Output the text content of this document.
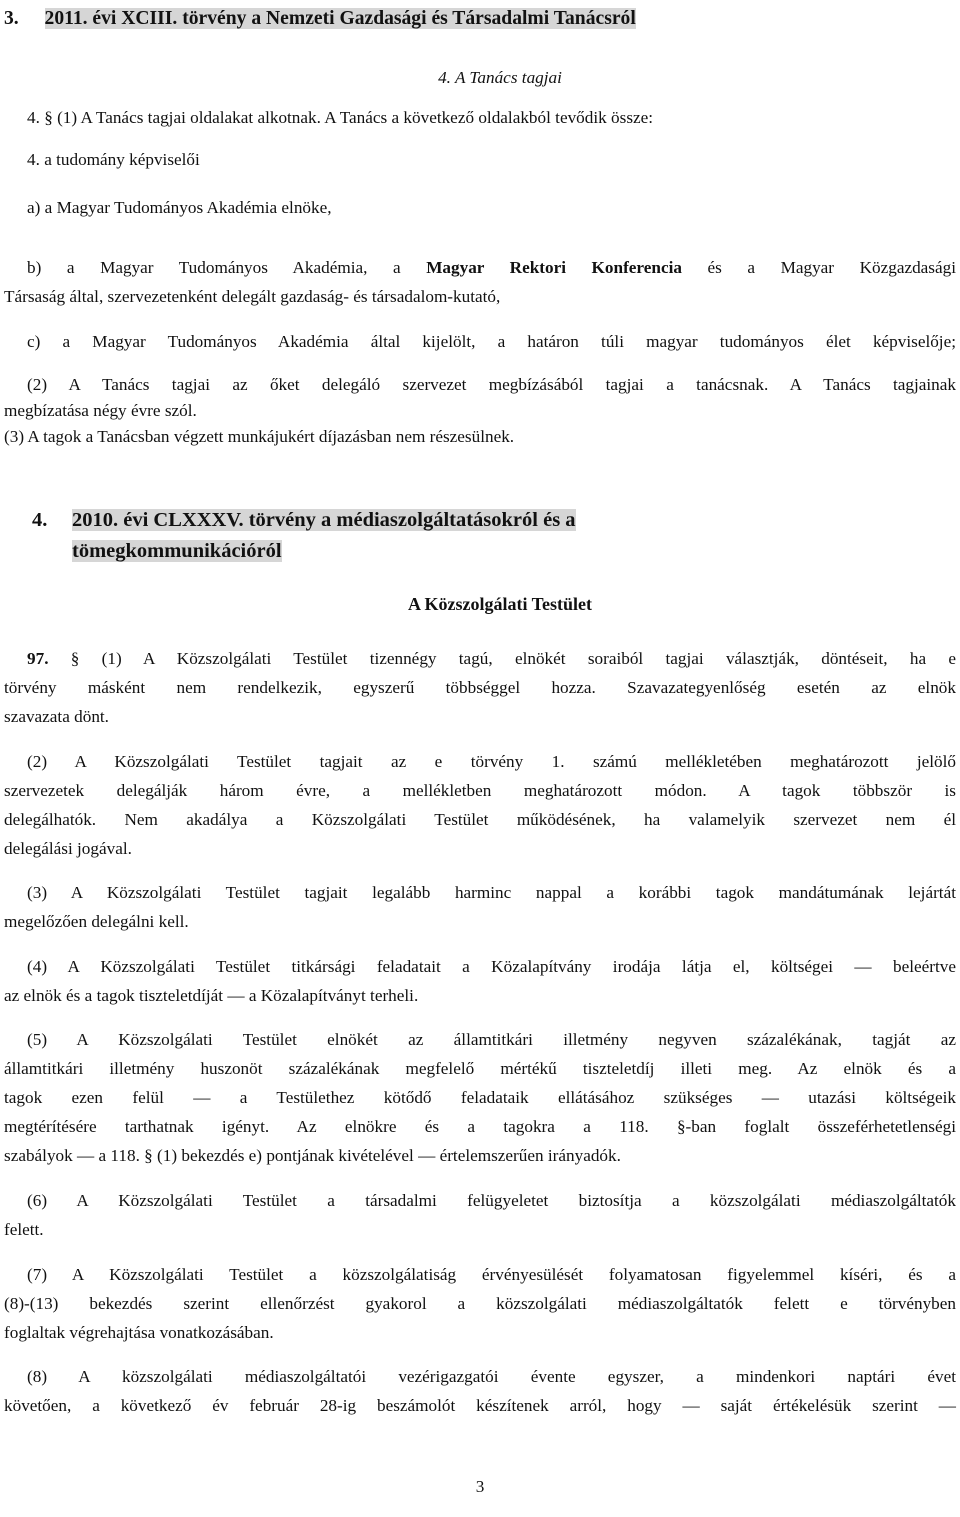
3. 2011. évi XCIII. törvény a Nemzeti Gazdasági és Társadalmi Tanácsról
4. A Tanács tagjai
4. § (1) A Tanács tagjai oldalakat alkotnak. A Tanács a következő oldalakból tevődik össze:
4. a tudomány képviselői
a) a Magyar Tudományos Akadémia elnöke,
b) a Magyar Tudományos Akadémia, a Magyar Rektori Konferencia és a Magyar Közgazdasági
Társaság által, szervezetenként delegált gazdaság- és társadalom-kutató,
c) a Magyar Tudományos Akadémia által kijelölt, a határon túli magyar tudományos élet képviselője;
(2) A Tanács tagjai az őket delegáló szervezet megbízásából tagjai a tanácsnak. A Tanács tagjainak
megbízatása négy évre szól.
(3) A tagok a Tanácsban végzett munkájukért díjazásban nem részesülnek.
4. 2010. évi CLXXXV. törvény a médiaszolgáltatásokról és a
tömegkommunikációról
A Közszolgálati Testület
97. § (1) A Közszolgálati Testület tizennégy tagú, elnökét soraiból tagjai választják, döntéseit, ha e
törvény másként nem rendelkezik, egyszerű többséggel hozza. Szavazategyenlőség esetén az elnök
szavazata dönt.
(2) A Közszolgálati Testület tagjait az e törvény 1. számú mellékletében meghatározott jelölő
szervezetek delegálják három évre, a mellékletben meghatározott módon. A tagok többször is
delegálhatók. Nem akadálya a Közszolgálati Testület működésének, ha valamelyik szervezet nem él
delegálási jogával.
(3) A Közszolgálati Testület tagjait legalább harminc nappal a korábbi tagok mandátumának lejártát
megelőzően delegálni kell.
(4) A Közszolgálati Testület titkársági feladatait a Közalapítvány irodája látja el, költségei ― beleértve
az elnök és a tagok tiszteletdíját ― a Közalapítványt terheli.
(5) A Közszolgálati Testület elnökét az államtitkári illetmény negyven százalékának, tagját az
államtitkári illetmény huszonöt százalékának megfelelő mértékű tiszteletdíj illeti meg. Az elnök és a
tagok ezen felül ― a Testülethez kötődő feladataik ellátásához szükséges ― utazási költségeik
megtérítésére tarthatnak igényt. Az elnökre és a tagokra a 118. §-ban foglalt összeférhetetlenségi
szabályok ― a 118. § (1) bekezdés e) pontjának kivételével ― értelemszerűen irányadók.
(6) A Közszolgálati Testület a társadalmi felügyeletet biztosítja a közszolgálati médiaszolgáltatók
felett.
(7) A Közszolgálati Testület a közszolgálatiság érvényesülését folyamatosan figyelemmel kíséri, és a
(8)-(13) bekezdés szerint ellenőrzést gyakorol a közszolgálati médiaszolgáltatók felett e törvényben
foglaltak végrehajtása vonatkozásában.
(8) A közszolgálati médiaszolgáltatói vezérigazgatói évente egyszer, a mindenkori naptári évet
követően, a következő év február 28-ig beszámolót készítenek arról, hogy ― saját értékelésük szerint ―
3
